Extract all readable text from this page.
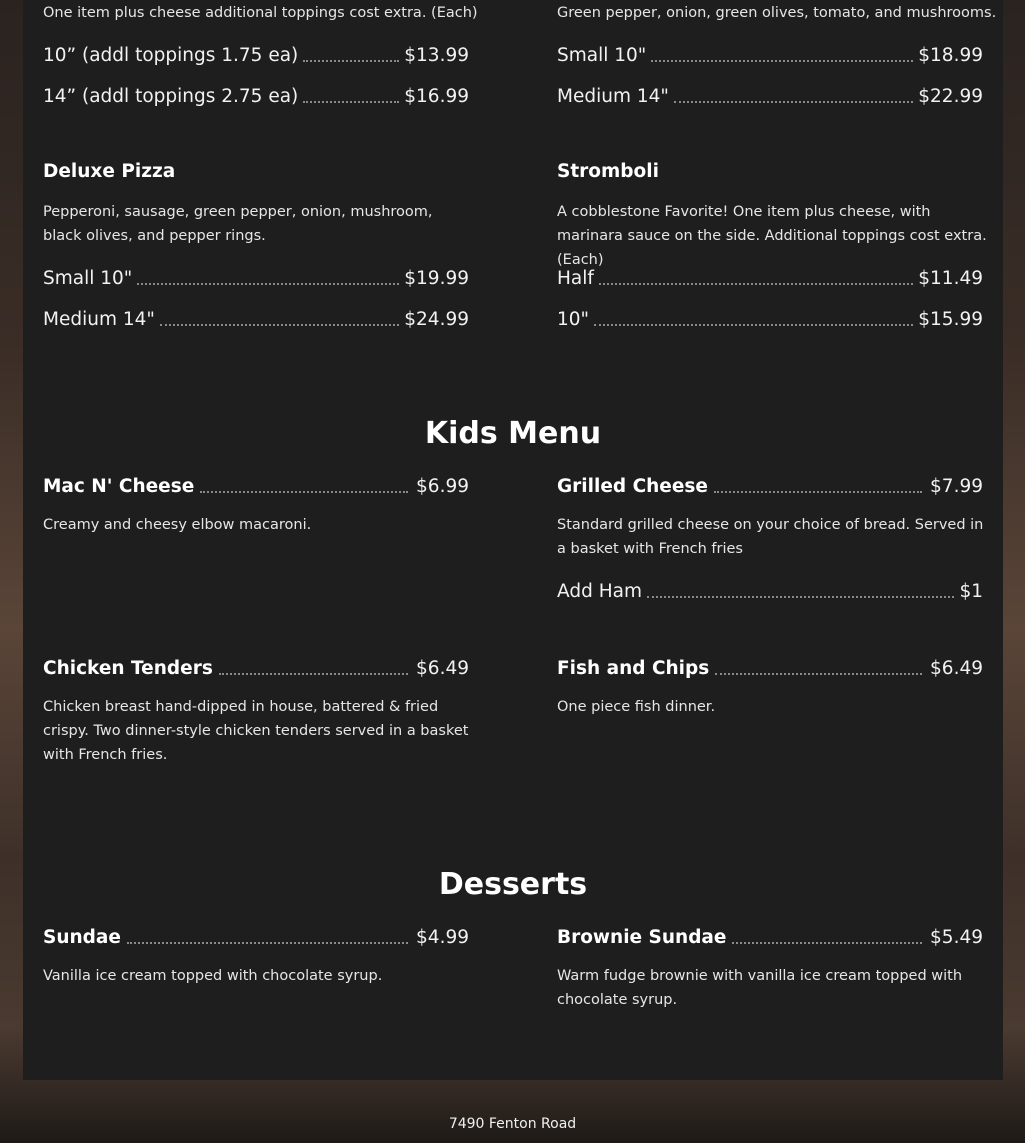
One item plus cheese additional toppings cost extra. (Each)
10” (addl toppings 1.75 ea)	$13.99
14” (addl toppings 2.75 ea)	$16.99
Green pepper, onion, green olives, tomato, and mushrooms.
Small 10"	$18.99
Medium 14"	$22.99
Deluxe Pizza
Pepperoni, sausage, green pepper, onion, mushroom, black olives, and pepper rings.
Small 10"	$19.99
Medium 14"	$24.99
Stromboli
A cobblestone Favorite! One item plus cheese, with marinara sauce on the side. Additional toppings cost extra. (Each)
Half	$11.49
10"	$15.99
Kids Menu
Mac N' Cheese	$6.99
Creamy and cheesy elbow macaroni.
Grilled Cheese	$7.99
Standard grilled cheese on your choice of bread. Served in a basket with French fries
Add Ham	$1
Chicken Tenders	$6.49
Chicken breast hand-dipped in house, battered & fried crispy. Two dinner-style chicken tenders served in a basket with French fries.
Fish and Chips	$6.49
One piece fish dinner.
Desserts
Sundae	$4.99
Vanilla ice cream topped with chocolate syrup.
Brownie Sundae	$5.49
Warm fudge brownie with vanilla ice cream topped with chocolate syrup.
7490 Fenton Road
